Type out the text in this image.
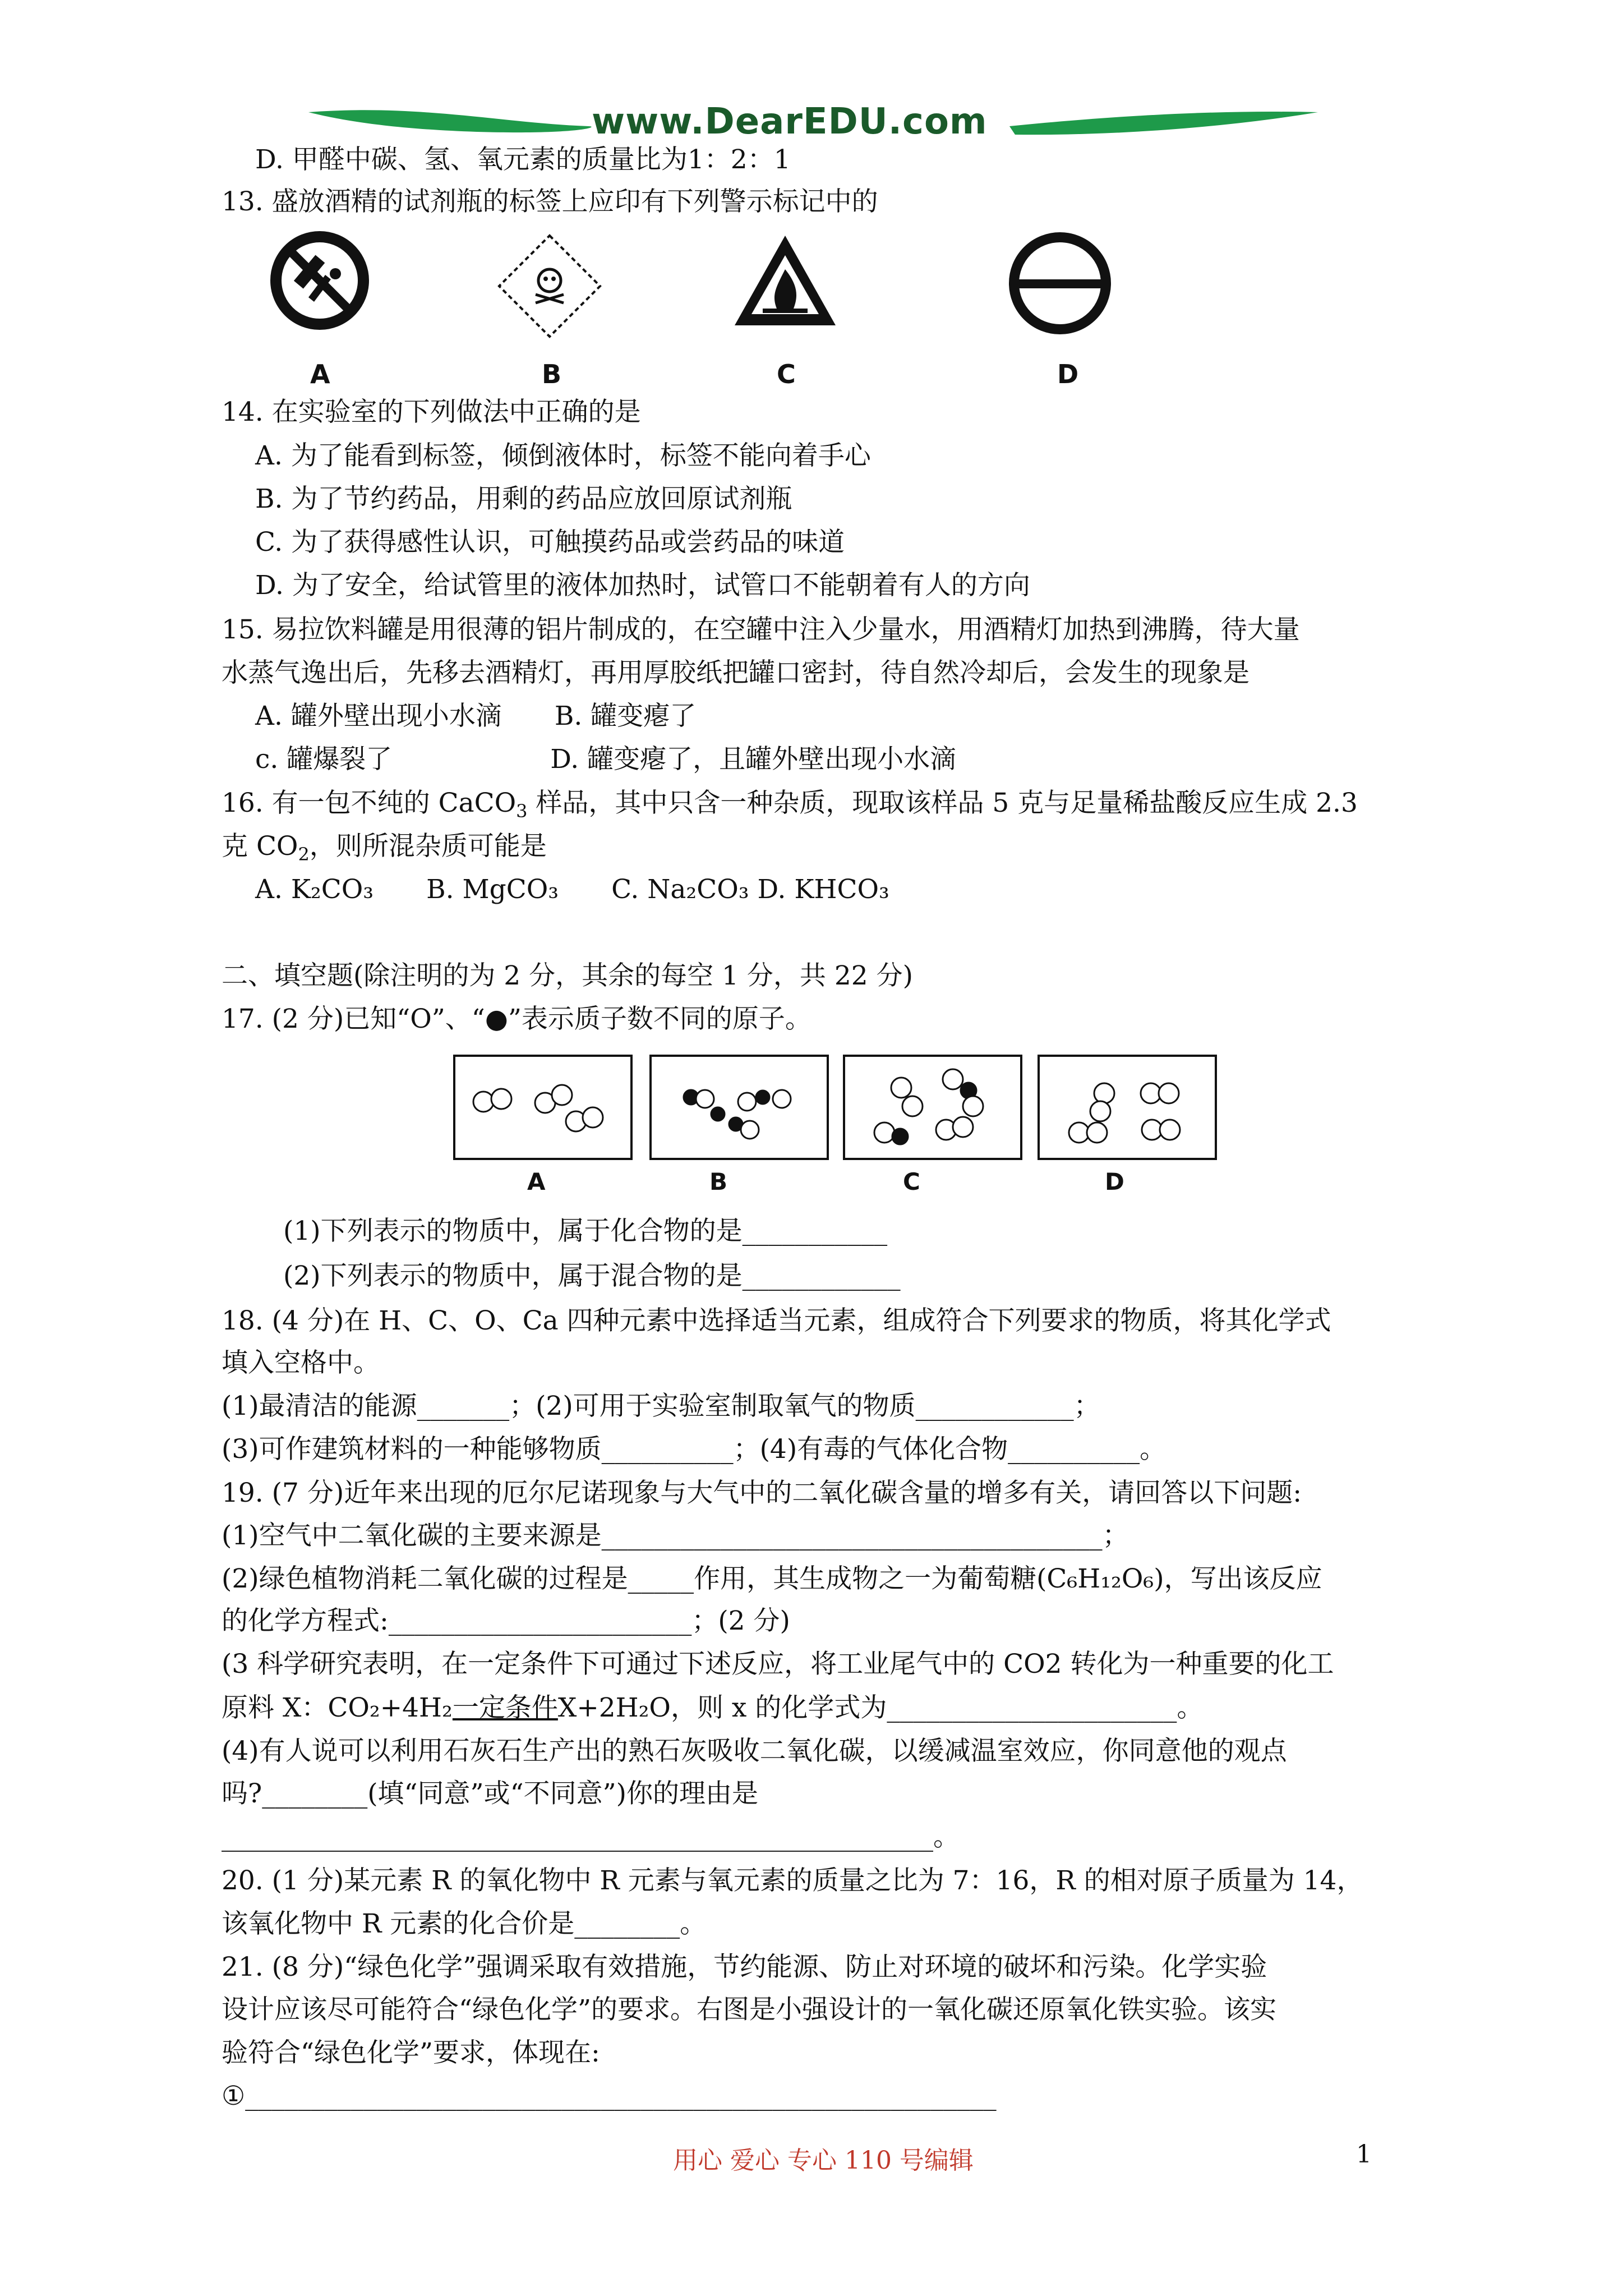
www.DearEDU.com
D. 甲醛中碳、氢、氧元素的质量比为1：2：1
13. 盛放酒精的试剂瓶的标签上应印有下列警示标记中的
A	B	C	D
14. 在实验室的下列做法中正确的是
A. 为了能看到标签，倾倒液体时，标签不能向着手心
B. 为了节约药品，用剩的药品应放回原试剂瓶
C. 为了获得感性认识，可触摸药品或尝药品的味道
D. 为了安全，给试管里的液体加热时，试管口不能朝着有人的方向
15. 易拉饮料罐是用很薄的铝片制成的，在空罐中注入少量水，用酒精灯加热到沸腾，待大量
水蒸气逸出后，先移去酒精灯，再用厚胶纸把罐口密封，待自然冷却后，会发生的现象是
A. 罐外壁出现小水滴　　B. 罐变瘪了
c. 罐爆裂了　　　　　　D. 罐变瘪了，且罐外壁出现小水滴
16. 有一包不纯的 CaCO$_3$ 样品，其中只含一种杂质，现取该样品 5 克与足量稀盐酸反应生成 2.3
克 $CO_2$，则所混杂质可能是
A. K₂CO₃　　B. MgCO₃　　C. Na₂CO₃ D. KHCO₃
二、填空题(除注明的为 2 分，其余的每空 1 分，共 22 分)
17. (2 分)已知“O”、“●”表示质子数不同的原子。
A	B	C	D
(1)下列表示的物质中，属于化合物的是___________
(2)下列表示的物质中，属于混合物的是____________
18. (4 分)在 H、C、O、Ca 四种元素中选择适当元素，组成符合下列要求的物质，将其化学式
填入空格中。
(1)最清洁的能源_______；(2)可用于实验室制取氧气的物质____________；
(3)可作建筑材料的一种能够物质__________；(4)有毒的气体化合物__________。
19. (7 分)近年来出现的厄尔尼诺现象与大气中的二氧化碳含量的增多有关，请回答以下问题:
(1)空气中二氧化碳的主要来源是______________________________________；
(2)绿色植物消耗二氧化碳的过程是_____作用，其生成物之一为葡萄糖(C₆H₁₂O₆)，写出该反应
的化学方程式:_______________________；(2 分)
(3 科学研究表明，在一定条件下可通过下述反应，将工业尾气中的 CO2 转化为一种重要的化工
原料 X：CO₂+4H₂一定条件X+2H₂O，则 x 的化学式为______________________。
(4)有人说可以利用石灰石生产出的熟石灰吸收二氧化碳，以缓减温室效应，你同意他的观点
吗?________(填“同意”或“不同意”)你的理由是
______________________________________________________。
20. (1 分)某元素 R 的氧化物中 R 元素与氧元素的质量之比为 7：16，R 的相对原子质量为 14，
该氧化物中 R 元素的化合价是________。
21. (8 分)“绿色化学”强调采取有效措施，节约能源、防止对环境的破坏和污染。化学实验
设计应该尽可能符合“绿色化学”的要求。右图是小强设计的一氧化碳还原氧化铁实验。该实
验符合“绿色化学”要求，体现在:
①_________________________________________________________
用心 爱心 专心 110 号编辑	1
